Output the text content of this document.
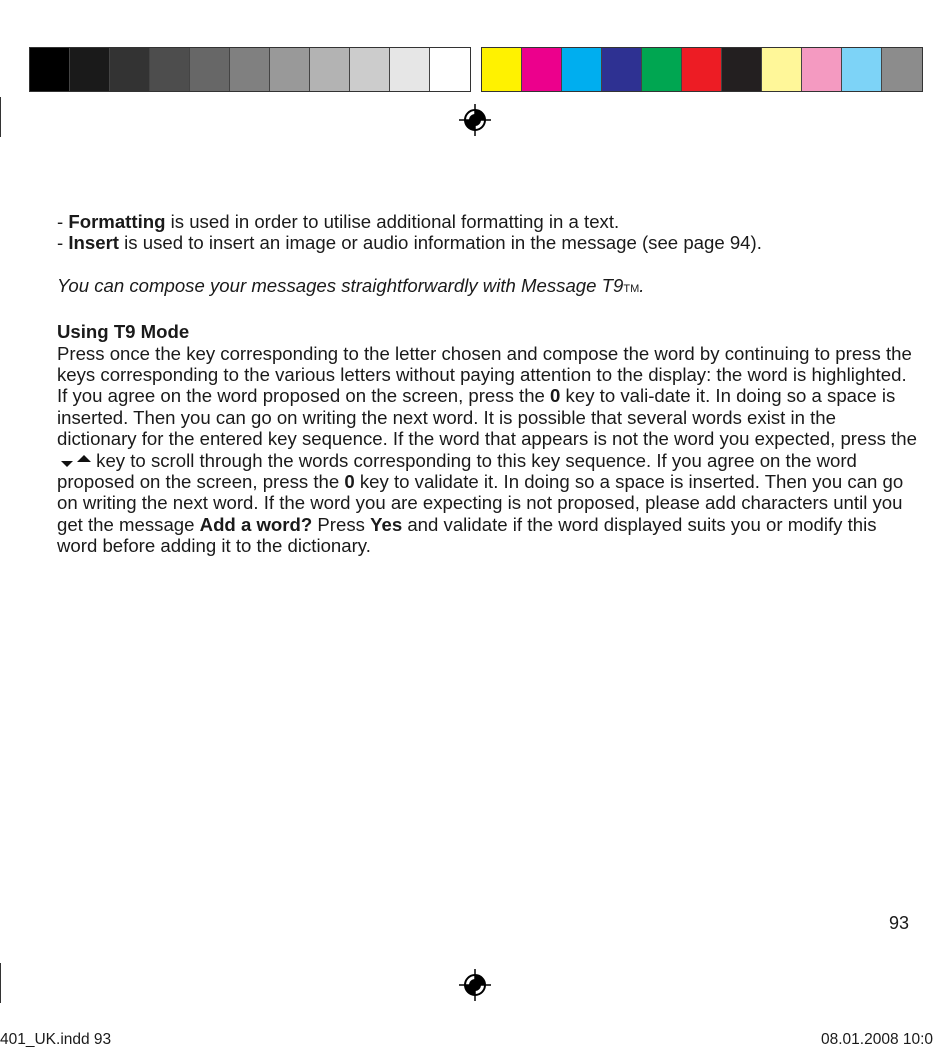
- Formatting is used in order to utilise additional formatting in a text.

- Insert is used to insert an image or audio information in the message (see page 94).

You can compose your messages straightforwardly with Message T9TM.

Using T9 Mode

Press once the key corresponding to the letter chosen and compose the word by continuing to press the keys corresponding to the various letters without paying attention to the display: the word is highlighted. If you agree on the word proposed on the screen, press the 0 key to vali-date it. In doing so a space is inserted. Then you can go on writing the next word. It is possible that several words exist in the dictionary for the entered key sequence. If the word that appears is not the word you expected, press the  key to scroll through the words corresponding to this key sequence. If you agree on the word proposed on the screen, press the 0 key to validate it. In doing so a space is inserted. Then you can go on writing the next word. If the word you are expecting is not proposed, please add characters until you get the message Add a word? Press Yes and validate if the word displayed suits you or modify this word before adding it to the dictionary.

93
401_UK.indd 93	08.01.2008 10:0
